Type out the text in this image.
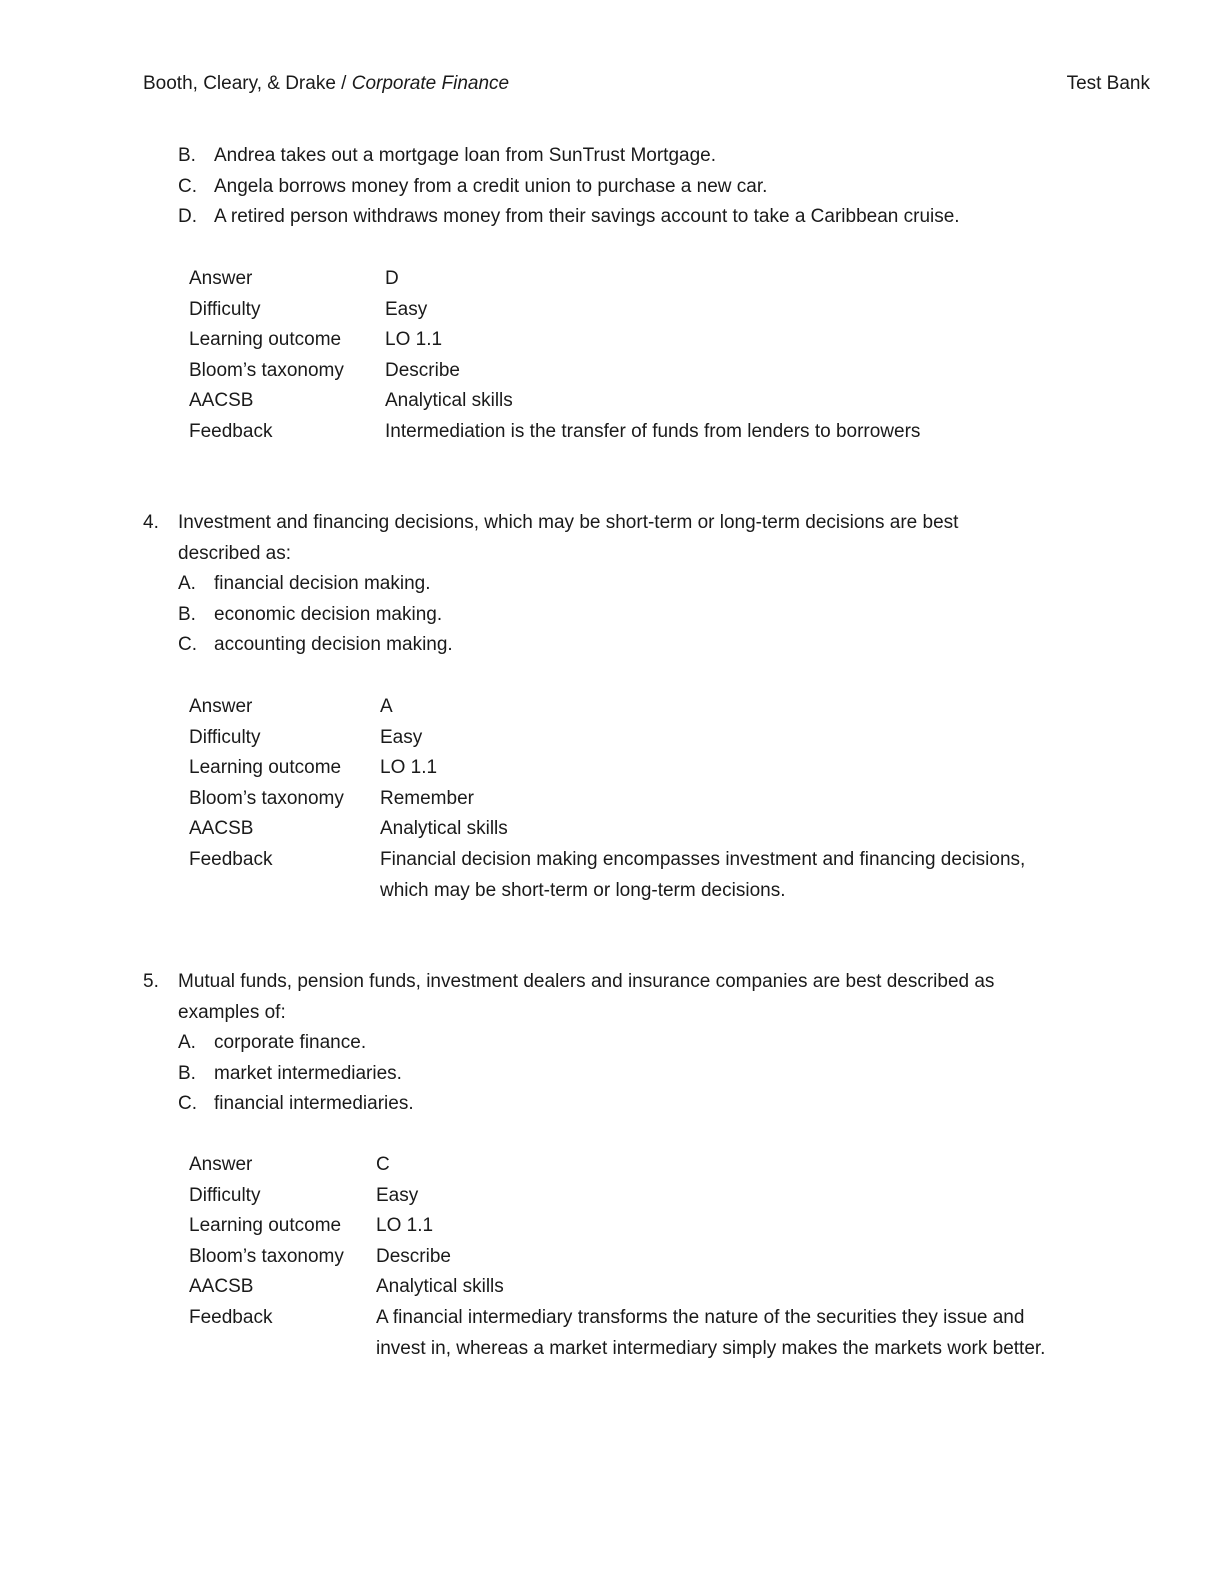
Booth, Cleary, & Drake / Corporate Finance	Test Bank
B. Andrea takes out a mortgage loan from SunTrust Mortgage.
C. Angela borrows money from a credit union to purchase a new car.
D. A retired person withdraws money from their savings account to take a Caribbean cruise.
Answer	D
Difficulty	Easy
Learning outcome	LO 1.1
Bloom’s taxonomy	Describe
AACSB	Analytical skills
Feedback	Intermediation is the transfer of funds from lenders to borrowers
4.	Investment and financing decisions, which may be short-term or long-term decisions are best described as:
A. financial decision making.
B. economic decision making.
C. accounting decision making.
Answer	A
Difficulty	Easy
Learning outcome	LO 1.1
Bloom’s taxonomy	Remember
AACSB	Analytical skills
Feedback	Financial decision making encompasses investment and financing decisions, which may be short-term or long-term decisions.
5.	Mutual funds, pension funds, investment dealers and insurance companies are best described as examples of:
A. corporate finance.
B. market intermediaries.
C. financial intermediaries.
Answer	C
Difficulty	Easy
Learning outcome	LO 1.1
Bloom’s taxonomy	Describe
AACSB	Analytical skills
Feedback	A financial intermediary transforms the nature of the securities they issue and invest in, whereas a market intermediary simply makes the markets work better.
